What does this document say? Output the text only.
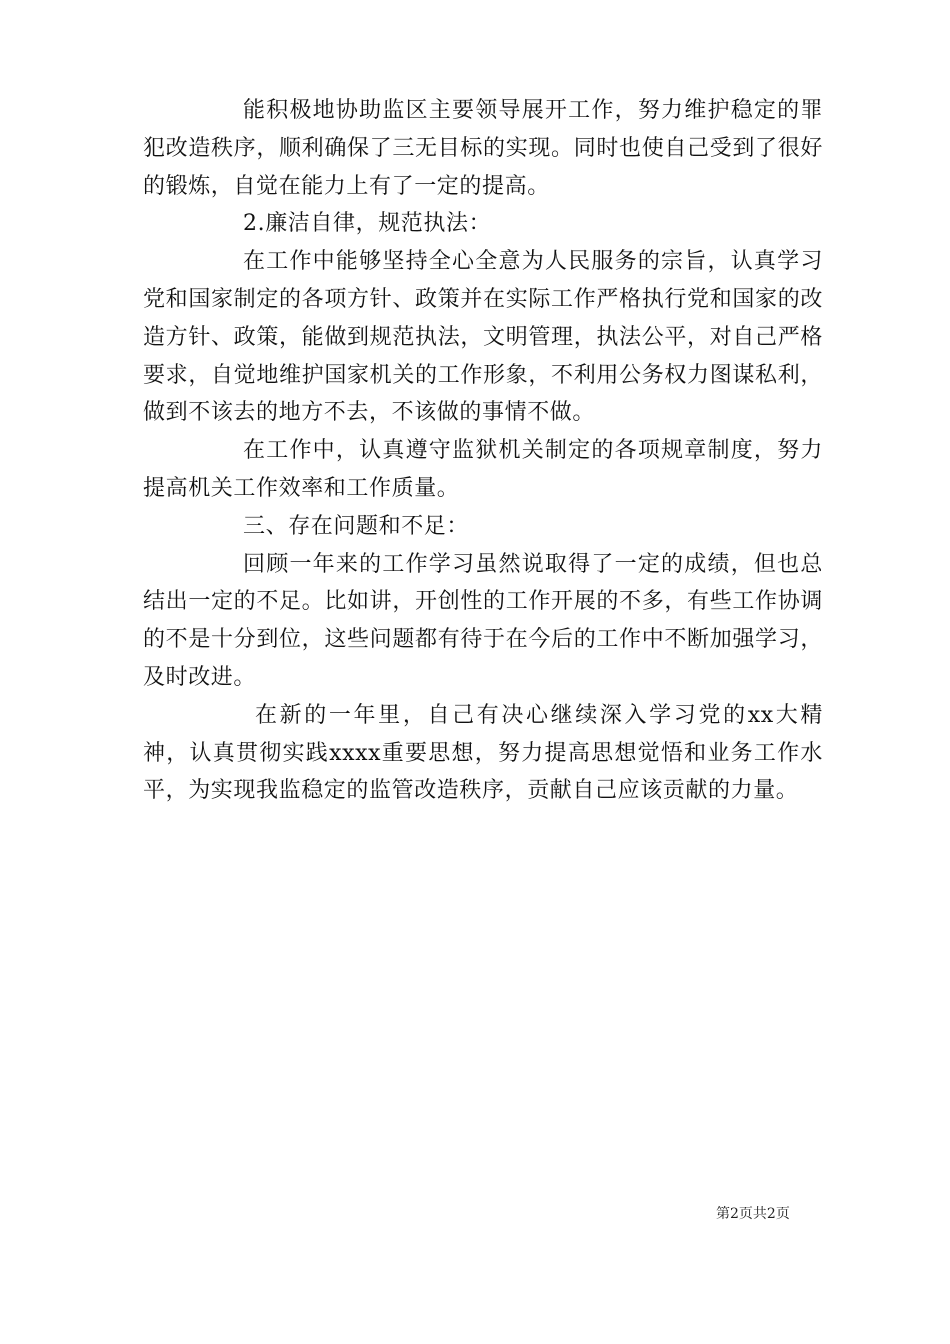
能积极地协助监区主要领导展开工作，努力维护稳定的罪犯改造秩序，顺利确保了三无目标的实现。同时也使自己受到了很好的锻炼，自觉在能力上有了一定的提高。

2.廉洁自律，规范执法：

在工作中能够坚持全心全意为人民服务的宗旨，认真学习党和国家制定的各项方针、政策并在实际工作严格执行党和国家的改造方针、政策，能做到规范执法，文明管理，执法公平，对自己严格要求，自觉地维护国家机关的工作形象，不利用公务权力图谋私利，做到不该去的地方不去，不该做的事情不做。

在工作中，认真遵守监狱机关制定的各项规章制度，努力提高机关工作效率和工作质量。

三、存在问题和不足：

回顾一年来的工作学习虽然说取得了一定的成绩，但也总结出一定的不足。比如讲，开创性的工作开展的不多，有些工作协调的不是十分到位，这些问题都有待于在今后的工作中不断加强学习，及时改进。

在新的一年里，自己有决心继续深入学习党的xx大精神，认真贯彻实践xxxx重要思想，努力提高思想觉悟和业务工作水平，为实现我监稳定的监管改造秩序，贡献自己应该贡献的力量。

第2页共2页
